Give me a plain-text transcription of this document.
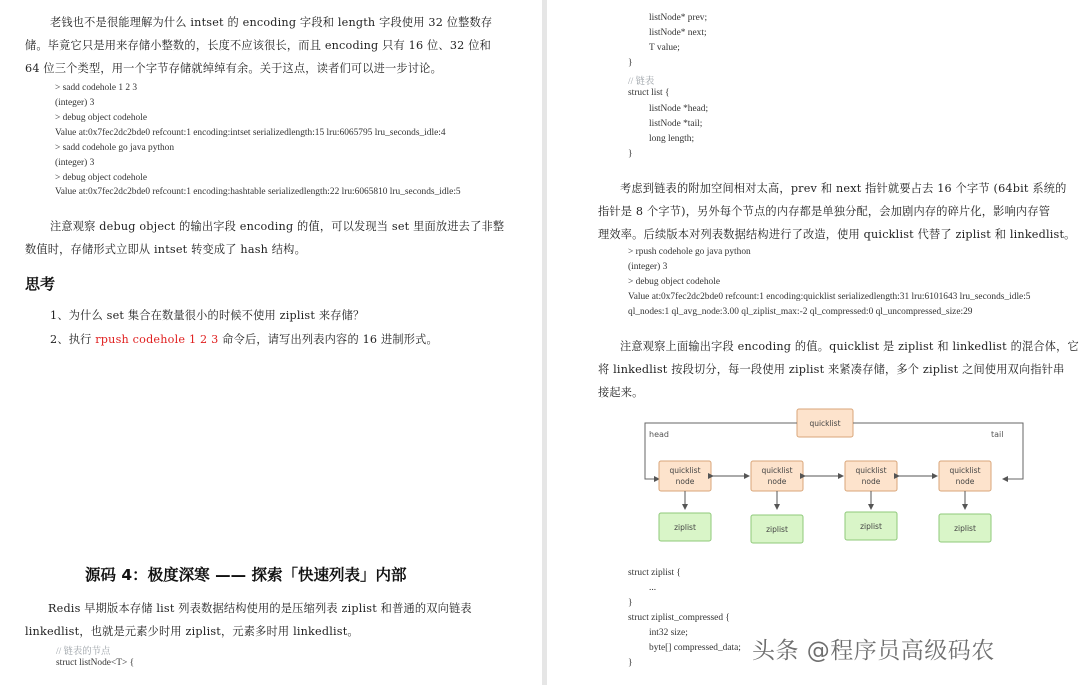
老钱也不是很能理解为什么 intset 的 encoding 字段和 length 字段使用 32 位整数存
储。毕竟它只是用来存储小整数的，长度不应该很长，而且 encoding 只有 16 位、32 位和
64 位三个类型，用一个字节存储就绰绰有余。关于这点，读者们可以进一步讨论。
> sadd codehole 1 2 3
(integer) 3
> debug object codehole
Value at:0x7fec2dc2bde0 refcount:1 encoding:intset serializedlength:15 lru:6065795 lru_seconds_idle:4
> sadd codehole go java python
(integer) 3
> debug object codehole
Value at:0x7fec2dc2bde0 refcount:1 encoding:hashtable serializedlength:22 lru:6065810 lru_seconds_idle:5
注意观察 debug object 的输出字段 encoding 的值，可以发现当 set 里面放进去了非整
数值时，存储形式立即从 intset 转变成了 hash 结构。
思考
1、为什么 set 集合在数量很小的时候不使用 ziplist 来存储？
2、执行 rpush codehole 1 2 3 命令后，请写出列表内容的 16 进制形式。
源码 4：极度深寒 —— 探索「快速列表」内部
Redis 早期版本存储 list 列表数据结构使用的是压缩列表 ziplist 和普通的双向链表
linkedlist，也就是元素少时用 ziplist，元素多时用 linkedlist。
// 链表的节点
struct listNode<T> {
listNode* prev;
listNode* next;
T value;
}
// 链表
struct list {
listNode *head;
listNode *tail;
long length;
}
考虑到链表的附加空间相对太高，prev 和 next 指针就要占去 16 个字节 (64bit 系统的
指针是 8 个字节)，另外每个节点的内存都是单独分配，会加剧内存的碎片化，影响内存管
理效率。后续版本对列表数据结构进行了改造，使用 quicklist 代替了 ziplist 和 linkedlist。
> rpush codehole go java python
(integer) 3
> debug object codehole
Value at:0x7fec2dc2bde0 refcount:1 encoding:quicklist serializedlength:31 lru:6101643 lru_seconds_idle:5
ql_nodes:1 ql_avg_node:3.00 ql_ziplist_max:-2 ql_compressed:0 ql_uncompressed_size:29
注意观察上面输出字段 encoding 的值。quicklist 是 ziplist 和 linkedlist 的混合体，它
将 linkedlist 按段切分，每一段使用 ziplist 来紧凑存储，多个 ziplist 之间使用双向指针串
接起来。
quicklist
head	tail
quicklist
node
quicklist
node
quicklist
node
quicklist
node
ziplist	ziplist	ziplist	ziplist
struct ziplist {
...
}
struct ziplist_compressed {
int32 size;
byte[] compressed_data;
}	头条 @程序员高级码农
